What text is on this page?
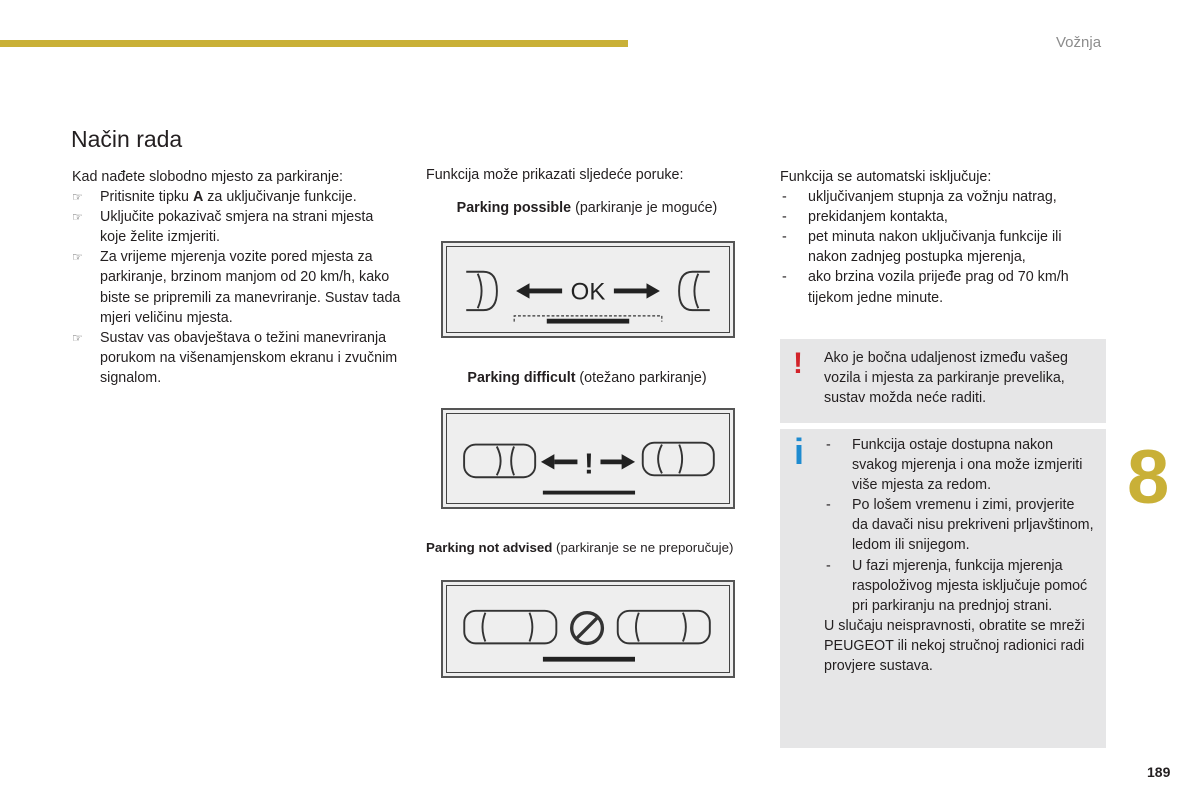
Vožnja
Način rada
Kad nađete slobodno mjesto za parkiranje:
☞ Pritisnite tipku A za uključivanje funkcije.
☞ Uključite pokazivač smjera na strani mjesta koje želite izmjeriti.
☞ Za vrijeme mjerenja vozite pored mjesta za parkiranje, brzinom manjom od 20 km/h, kako biste se pripremili za manevriranje. Sustav tada mjeri veličinu mjesta.
☞ Sustav vas obavještava o težini manevriranja porukom na višenamjenskom ekranu i zvučnim signalom.
Funkcija može prikazati sljedeće poruke:
Parking possible (parkiranje je moguće)
OK
Parking difficult (otežano parkiranje)
!
Parking not advised (parkiranje se ne preporučuje)
Funkcija se automatski isključuje:
- uključivanjem stupnja za vožnju natrag,
- prekidanjem kontakta,
- pet minuta nakon uključivanja funkcije ili nakon zadnjeg postupka mjerenja,
- ako brzina vozila prijeđe prag od 70 km/h tijekom jedne minute.
! Ako je bočna udaljenost između vašeg vozila i mjesta za parkiranje prevelika, sustav možda neće raditi.
i
-	Funkcija ostaje dostupna nakon svakog mjerenja i ona može izmjeriti više mjesta za redom.
- Po lošem vremenu i zimi, provjerite da davači nisu prekriveni prljavštinom, ledom ili snijegom.
- U fazi mjerenja, funkcija mjerenja raspoloživog mjesta isključuje pomoć pri parkiranju na prednjoj strani.
U slučaju neispravnosti, obratite se mreži PEUGEOT ili nekoj stručnoj radionici radi provjere sustava.
8
189
